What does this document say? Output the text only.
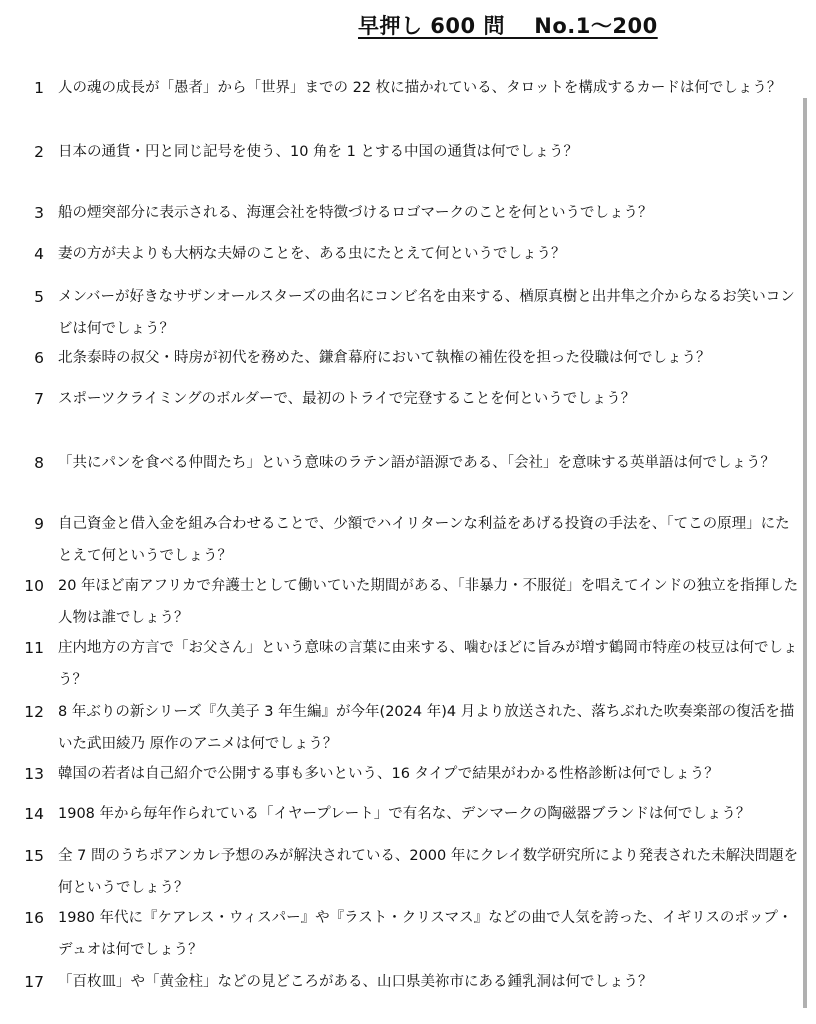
早押し 600 問　 No.1～200
1 人の魂の成長が「愚者」から「世界」までの 22 枚に描かれている、タロットを構成するカードは何でしょう？
2 日本の通貨・円と同じ記号を使う、10 角を 1 とする中国の通貨は何でしょう？
3 船の煙突部分に表示される、海運会社を特徴づけるロゴマークのことを何というでしょう？
4 妻の方が夫よりも大柄な夫婦のことを、ある虫にたとえて何というでしょう？
5 メンバーが好きなサザンオールスターズの曲名にコンビ名を由来する、楢原真樹と出井隼之介からなるお笑いコンビは何でしょう？
6 北条泰時の叔父・時房が初代を務めた、鎌倉幕府において執権の補佐役を担った役職は何でしょう？
7 スポーツクライミングのボルダーで、最初のトライで完登することを何というでしょう？
8 「共にパンを食べる仲間たち」という意味のラテン語が語源である、「会社」を意味する英単語は何でしょう？
9 自己資金と借入金を組み合わせることで、少額でハイリターンな利益をあげる投資の手法を、「てこの原理」にたとえて何というでしょう？
10 20 年ほど南アフリカで弁護士として働いていた期間がある、「非暴力・不服従」を唱えてインドの独立を指揮した人物は誰でしょう？
11 庄内地方の方言で「お父さん」という意味の言葉に由来する、噛むほどに旨みが増す鶴岡市特産の枝豆は何でしょう？
12 8 年ぶりの新シリーズ『久美子 3 年生編』が今年(2024 年)4 月より放送された、落ちぶれた吹奏楽部の復活を描いた武田綾乃 原作のアニメは何でしょう？
13 韓国の若者は自己紹介で公開する事も多いという、16 タイプで結果がわかる性格診断は何でしょう？
14 1908 年から毎年作られている「イヤープレート」で有名な、デンマークの陶磁器ブランドは何でしょう？
15 全 7 問のうちポアンカレ予想のみが解決されている、2000 年にクレイ数学研究所により発表された未解決問題を何というでしょう？
16 1980 年代に『ケアレス・ウィスパー』や『ラスト・クリスマス』などの曲で人気を誇った、イギリスのポップ・デュオは何でしょう？
17 「百枚皿」や「黄金柱」などの見どころがある、山口県美祢市にある鍾乳洞は何でしょう？
